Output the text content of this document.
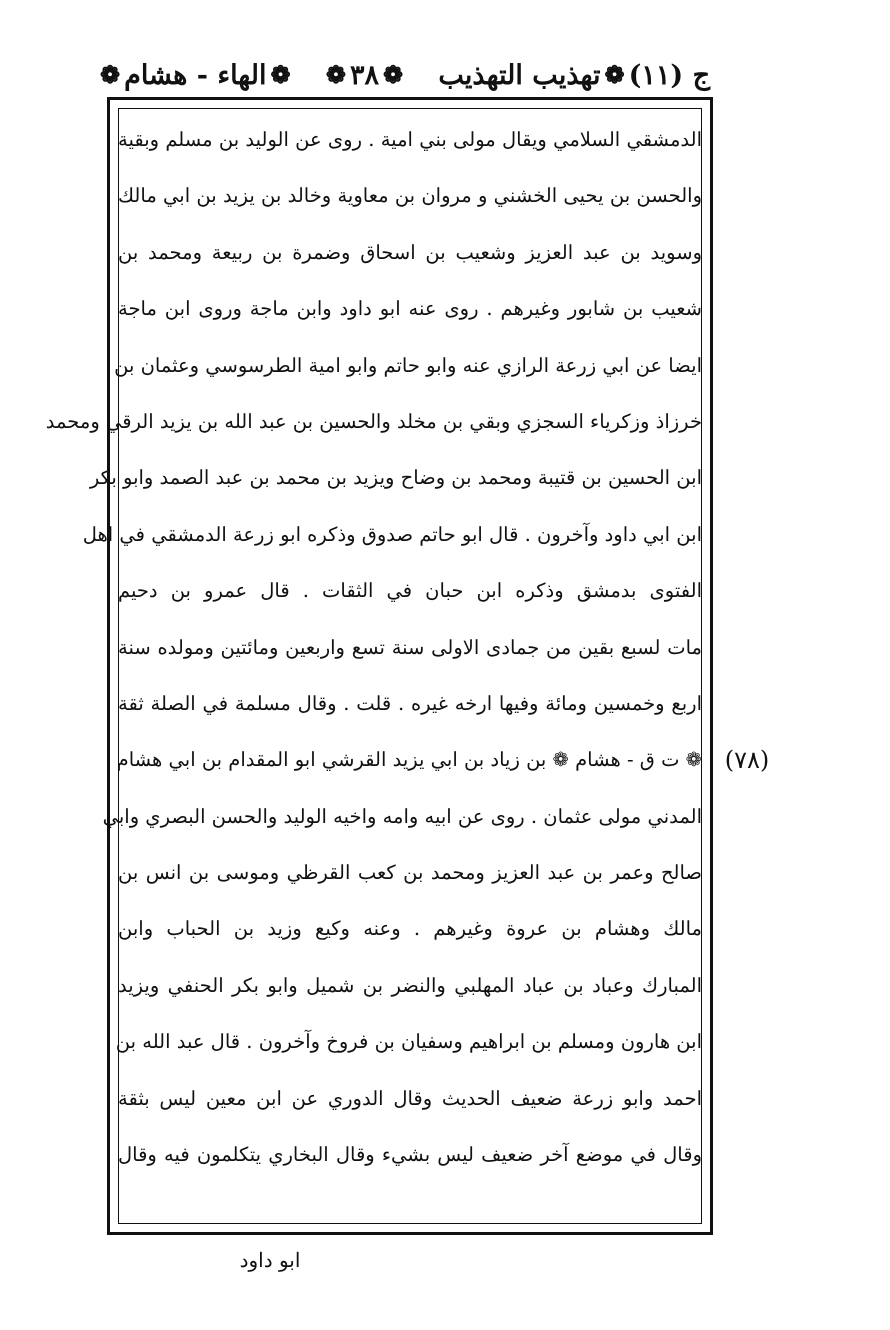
ج (١١)
❁
تهذيب التهذيب
❁
٣٨
❁
❁
الهاء - هشام
❁
الدمشقي السلامي ويقال مولى بني امية . روى عن الوليد بن مسلم وبقية
والحسن بن يحيى الخشني و مروان بن معاوية وخالد بن يزيد بن ابي مالك
وسويد بن عبد العزيز وشعيب بن اسحاق وضمرة بن ربيعة ومحمد بن
شعيب بن شابور وغيرهم . روى عنه ابو داود وابن ماجة وروى ابن ماجة
ايضا عن ابي زرعة الرازي عنه وابو حاتم وابو امية الطرسوسي وعثمان بن
خرزاذ وزكرياء السجزي وبقي بن مخلد والحسين بن عبد الله بن يزيد الرقي ومحمد
ابن الحسين بن قتيبة ومحمد بن وضاح ويزيد بن محمد بن عبد الصمد وابو بكر
ابن ابي داود وآخرون . قال ابو حاتم صدوق وذكره ابو زرعة الدمشقي في اهل
الفتوى بدمشق وذكره ابن حبان في الثقات . قال عمرو بن دحيم
مات لسبع بقين من جمادى الاولى سنة تسع واربعين ومائتين ومولده سنة
اربع وخمسين ومائة وفيها ارخه غيره . قلت . وقال مسلمة في الصلة ثقة
❁ ت ق - هشام ❁ بن زياد بن ابي يزيد القرشي ابو المقدام بن ابي هشام
المدني مولى عثمان . روى عن ابيه وامه واخيه الوليد والحسن البصري وابي
صالح وعمر بن عبد العزيز ومحمد بن كعب القرظي وموسى بن انس بن
مالك وهشام بن عروة وغيرهم . وعنه وكيع وزيد بن الحباب وابن
المبارك وعباد بن عباد المهلبي والنضر بن شميل وابو بكر الحنفي ويزيد
ابن هارون ومسلم بن ابراهيم وسفيان بن فروخ وآخرون . قال عبد الله بن
احمد وابو زرعة ضعيف الحديث وقال الدوري عن ابن معين ليس بثقة
وقال في موضع آخر ضعيف ليس بشيء وقال البخاري يتكلمون فيه وقال
(٧٨)
ابو داود
